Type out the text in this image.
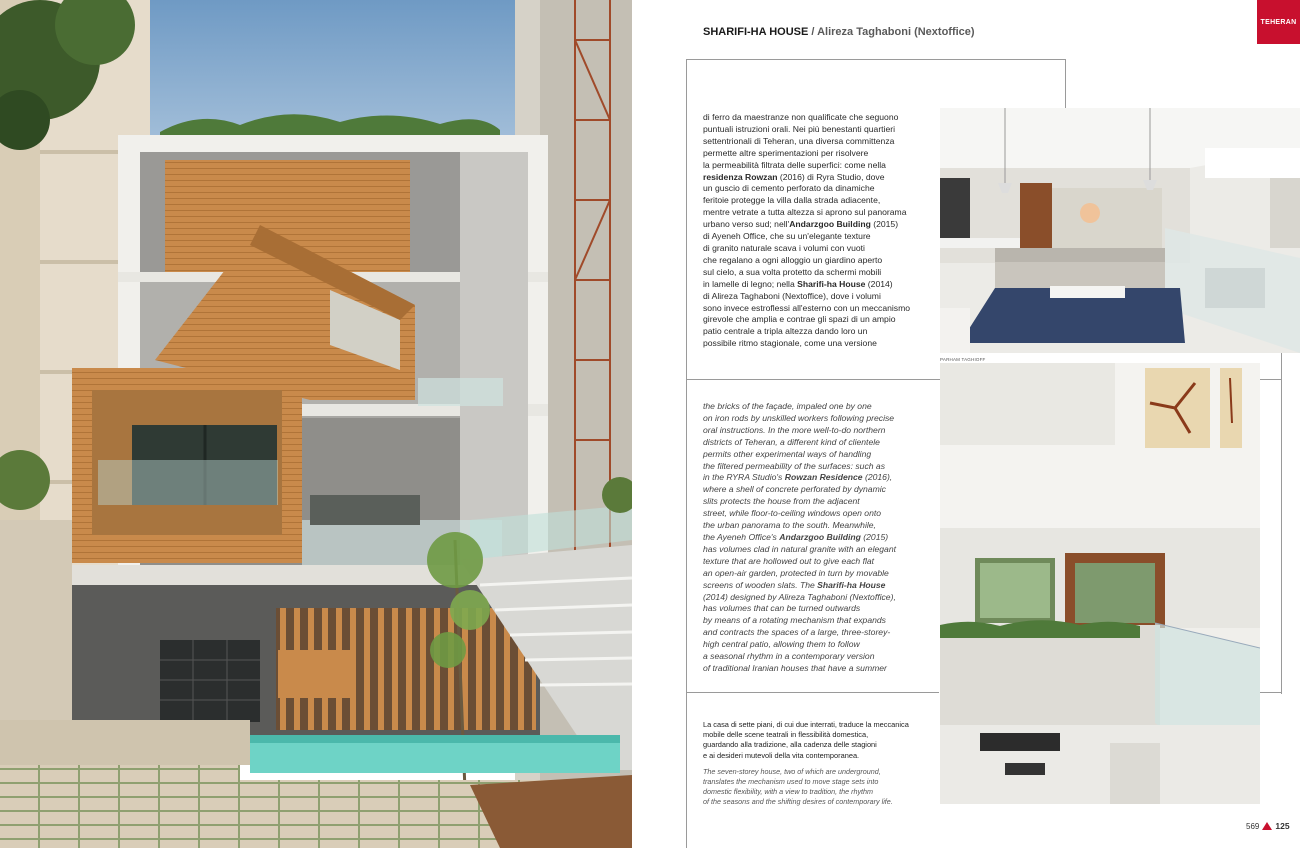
TEHERAN
SHARIFI-HA HOUSE / Alireza Taghaboni (Nextoffice)
di ferro da maestranze non qualificate che seguono
puntuali istruzioni orali. Nei più benestanti quartieri
settentrionali di Teheran, una diversa committenza
permette altre sperimentazioni per risolvere
la permeabilità filtrata delle superfici: come nella
residenza Rowzan (2016) di Ryra Studio, dove
un guscio di cemento perforato da dinamiche
feritoie protegge la villa dalla strada adiacente,
mentre vetrate a tutta altezza si aprono sul panorama
urbano verso sud; nell'Andarzgoo Building (2015)
di Ayeneh Office, che su un'elegante texture
di granito naturale scava i volumi con vuoti
che regalano a ogni alloggio un giardino aperto
sul cielo, a sua volta protetto da schermi mobili
in lamelle di legno; nella Sharifi-ha House (2014)
di Alireza Taghaboni (Nextoffice), dove i volumi
sono invece estroflessi all'esterno con un meccanismo
girevole che amplia e contrae gli spazi di un ampio
patio centrale a tripla altezza dando loro un
possibile ritmo stagionale, come una versione
the bricks of the façade, impaled one by one
on iron rods by unskilled workers following precise
oral instructions. In the more well-to-do northern
districts of Teheran, a different kind of clientele
permits other experimental ways of handling
the filtered permeability of the surfaces: such as
in the RYRA Studio's Rowzan Residence (2016),
where a shell of concrete perforated by dynamic
slits protects the house from the adjacent
street, while floor-to-ceiling windows open onto
the urban panorama to the south. Meanwhile,
the Ayeneh Office's Andarzgoo Building (2015)
has volumes clad in natural granite with an elegant
texture that are hollowed out to give each flat
an open-air garden, protected in turn by movable
screens of wooden slats. The Sharifi-ha House
(2014) designed by Alireza Taghaboni (Nextoffice),
has volumes that can be turned outwards
by means of a rotating mechanism that expands
and contracts the spaces of a large, three-storey-
high central patio, allowing them to follow
a seasonal rhythm in a contemporary version
of traditional Iranian houses that have a summer
La casa di sette piani, di cui due interrati, traduce la meccanica
mobile delle scene teatrali in flessibilità domestica,
guardando alla tradizione, alla cadenza delle stagioni
e ai desideri mutevoli della vita contemporanea.
The seven-storey house, two of which are underground,
translates the mechanism used to move stage sets into
domestic flexibility, with a view to tradition, the rhythm
of the seasons and the shifting desires of contemporary life.
PARHAM TAGHIOFF
569 125
